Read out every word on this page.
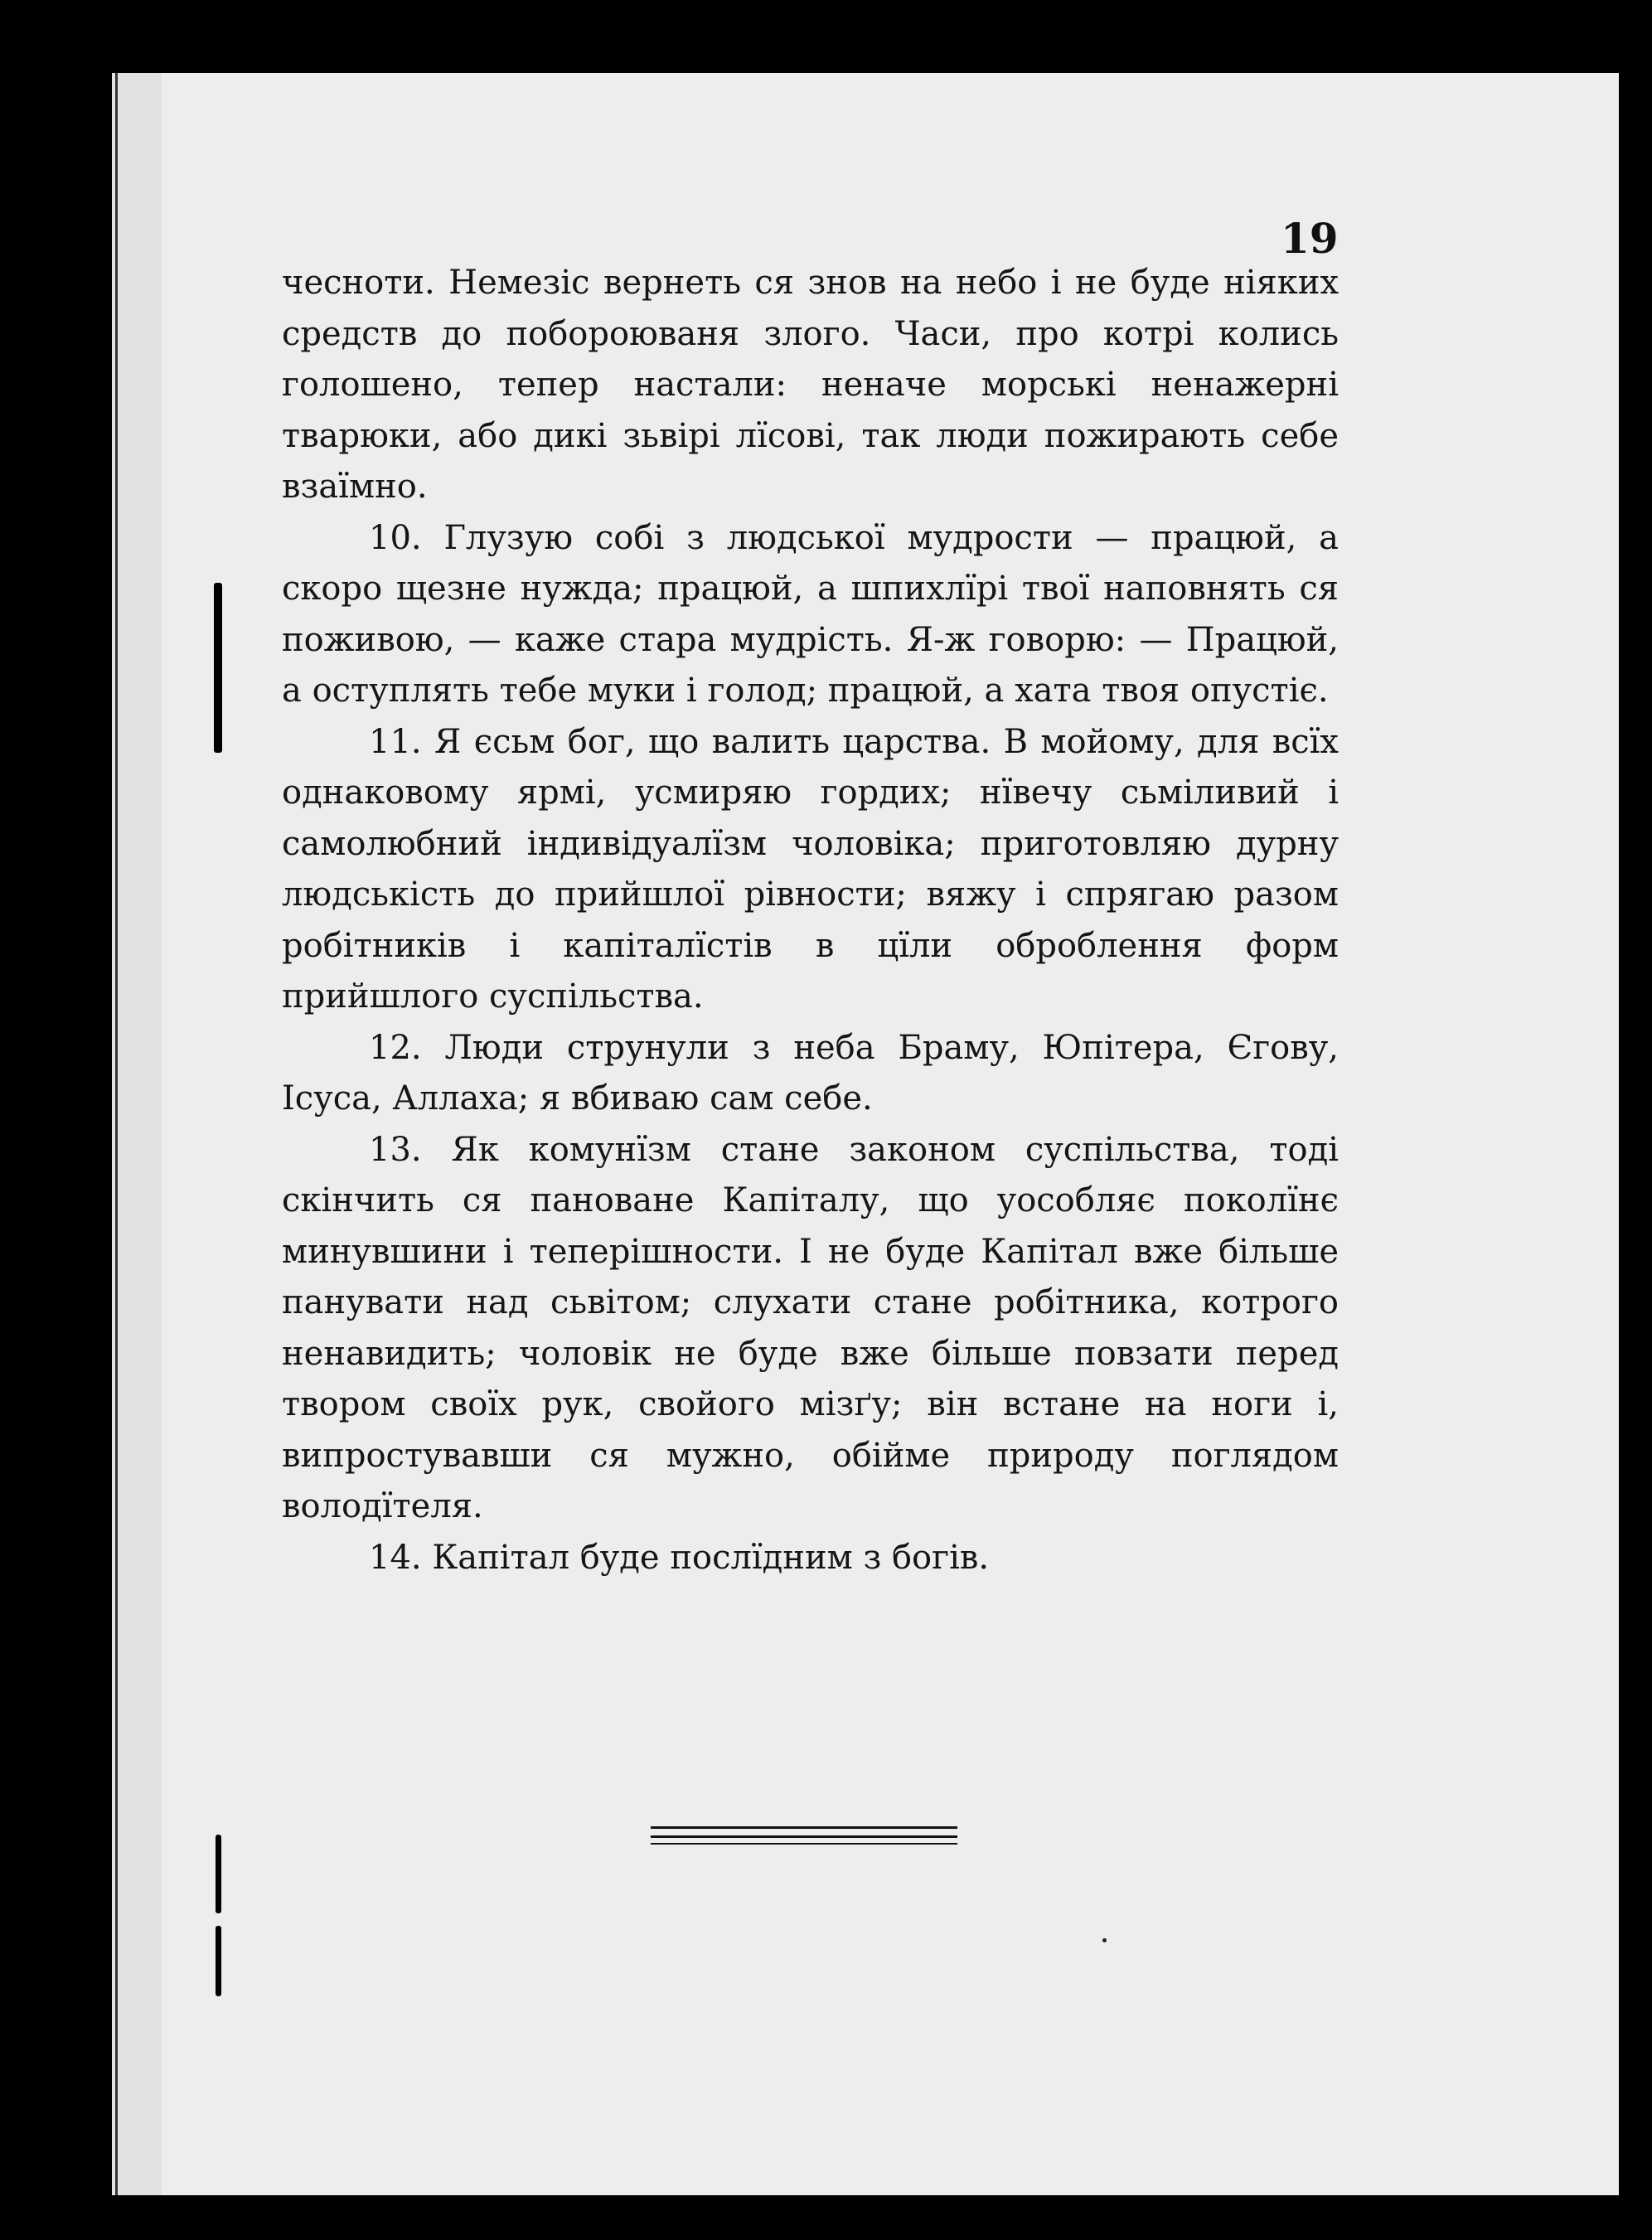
19

чесноти. Немезіс вернеть ся знов на небо і не буде ніяких средств до побороюваня злого. Часи, про котрі колись голошено, тепер настали: неначе морські ненажерні тварюки, або дикі зьвірі лїсові, так люди пожирають себе взаїмно.

10. Глузую собі з людської мудрости — працюй, а скоро щезне нужда; працюй, а шпихлїрі твої наповнять ся поживою, — каже стара мудрість. Я-ж говорю: — Працюй, а оступлять тебе муки і голод; працюй, а хата твоя опустіє.

11. Я єсьм бог, що валить царства. В мойому, для всїх однаковому ярмі, усмиряю гордих; нївечу сьміливий і самолюбний індивідуалїзм чоловіка; приготовляю дурну людськість до прийшлої рівности; вяжу і спрягаю разом робітників і капіталїстів в цїли оброблення форм прийшлого суспільства.

12. Люди струнули з неба Браму, Юпітера, Єгову, Ісуса, Аллаха; я вбиваю сам себе.

13. Як комунїзм стане законом суспільства, тоді скінчить ся пановане Капіталу, що уособляє поколїнє минувшини і теперішности. І не буде Капітал вже більше панувати над сьвітом; слухати стане робітника, котрого ненавидить; чоловік не буде вже більше повзати перед твором своїх рук, свойого мізґу; він встане на ноги і, випростувавши ся мужно, обійме природу поглядом володїтеля.

14. Капітал буде послїдним з богів.
